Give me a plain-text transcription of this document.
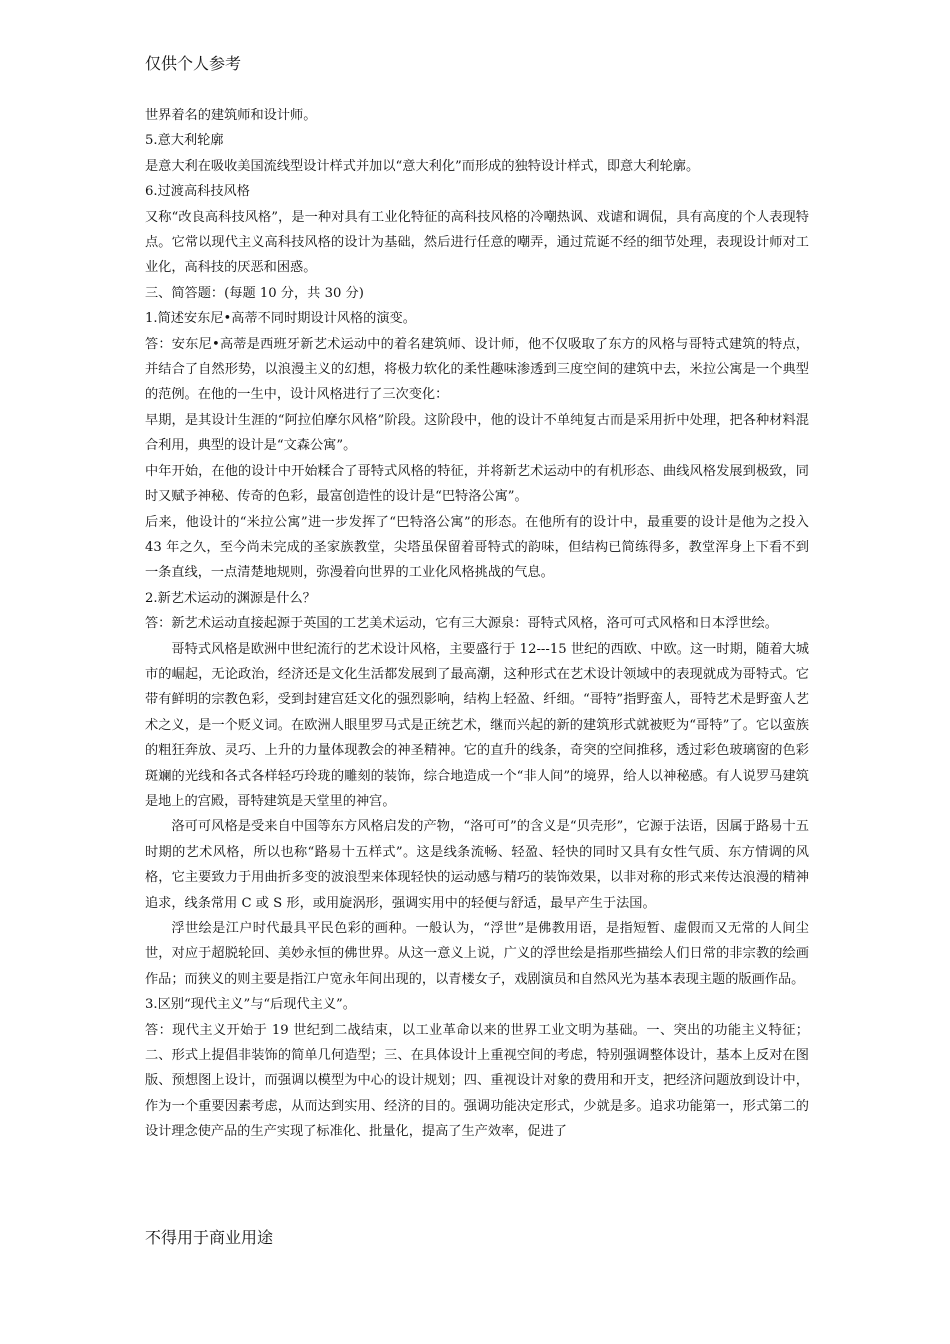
仅供个人参考

世界着名的建筑师和设计师。

5.意大利轮廓

是意大利在吸收美国流线型设计样式并加以“意大利化”而形成的独特设计样式，即意大利轮廓。

6.过渡高科技风格

又称“改良高科技风格”，是一种对具有工业化特征的高科技风格的冷嘲热讽、戏谑和调侃，具有高度的个人表现特点。它常以现代主义高科技风格的设计为基础，然后进行任意的嘲弄，通过荒诞不经的细节处理，表现设计师对工业化，高科技的厌恶和困惑。

三、简答题：(每题 10 分，共 30 分)

1.简述安东尼•高蒂不同时期设计风格的演变。

答：安东尼•高蒂是西班牙新艺术运动中的着名建筑师、设计师，他不仅吸取了东方的风格与哥特式建筑的特点，并结合了自然形势，以浪漫主义的幻想，将极力软化的柔性趣味渗透到三度空间的建筑中去，米拉公寓是一个典型的范例。在他的一生中，设计风格进行了三次变化：

早期，是其设计生涯的“阿拉伯摩尔风格”阶段。这阶段中，他的设计不单纯复古而是采用折中处理，把各种材料混合利用，典型的设计是“文森公寓”。

中年开始，在他的设计中开始糅合了哥特式风格的特征，并将新艺术运动中的有机形态、曲线风格发展到极致，同时又赋予神秘、传奇的色彩，最富创造性的设计是“巴特洛公寓”。

后来，他设计的“米拉公寓”进一步发挥了“巴特洛公寓”的形态。在他所有的设计中，最重要的设计是他为之投入 43 年之久，至今尚未完成的圣家族教堂，尖塔虽保留着哥特式的韵味，但结构已简练得多，教堂浑身上下看不到一条直线，一点清楚地规则，弥漫着向世界的工业化风格挑战的气息。

2.新艺术运动的渊源是什么？

答：新艺术运动直接起源于英国的工艺美术运动，它有三大源泉：哥特式风格，洛可可式风格和日本浮世绘。

哥特式风格是欧洲中世纪流行的艺术设计风格，主要盛行于 12---15 世纪的西欧、中欧。这一时期，随着大城市的崛起，无论政治，经济还是文化生活都发展到了最高潮，这种形式在艺术设计领域中的表现就成为哥特式。它带有鲜明的宗教色彩，受到封建宫廷文化的强烈影响，结构上轻盈、纤细。“哥特”指野蛮人，哥特艺术是野蛮人艺术之义，是一个贬义词。在欧洲人眼里罗马式是正统艺术，继而兴起的新的建筑形式就被贬为“哥特”了。它以蛮族的粗狂奔放、灵巧、上升的力量体现教会的神圣精神。它的直升的线条，奇突的空间推移，透过彩色玻璃窗的色彩斑斓的光线和各式各样轻巧玲珑的雕刻的装饰，综合地造成一个“非人间”的境界，给人以神秘感。有人说罗马建筑是地上的宫殿，哥特建筑是天堂里的神宫。

洛可可风格是受来自中国等东方风格启发的产物，“洛可可”的含义是“贝壳形”，它源于法语，因属于路易十五时期的艺术风格，所以也称“路易十五样式”。这是线条流畅、轻盈、轻快的同时又具有女性气质、东方情调的风格，它主要致力于用曲折多变的波浪型来体现轻快的运动感与精巧的装饰效果，以非对称的形式来传达浪漫的精神追求，线条常用 C 或 S 形，或用旋涡形，强调实用中的轻便与舒适，最早产生于法国。

浮世绘是江户时代最具平民色彩的画种。一般认为，“浮世”是佛教用语，是指短暂、虚假而又无常的人间尘世，对应于超脱轮回、美妙永恒的佛世界。从这一意义上说，广义的浮世绘是指那些描绘人们日常的非宗教的绘画作品；而狭义的则主要是指江户宽永年间出现的，以青楼女子，戏剧演员和自然风光为基本表现主题的版画作品。

3.区别“现代主义”与“后现代主义”。

答：现代主义开始于 19 世纪到二战结束，以工业革命以来的世界工业文明为基础。一、突出的功能主义特征；二、形式上提倡非装饰的简单几何造型；三、在具体设计上重视空间的考虑，特别强调整体设计，基本上反对在图版、预想图上设计，而强调以模型为中心的设计规划；四、重视设计对象的费用和开支，把经济问题放到设计中，作为一个重要因素考虑，从而达到实用、经济的目的。强调功能决定形式，少就是多。追求功能第一，形式第二的设计理念使产品的生产实现了标准化、批量化，提高了生产效率，促进了

不得用于商业用途
